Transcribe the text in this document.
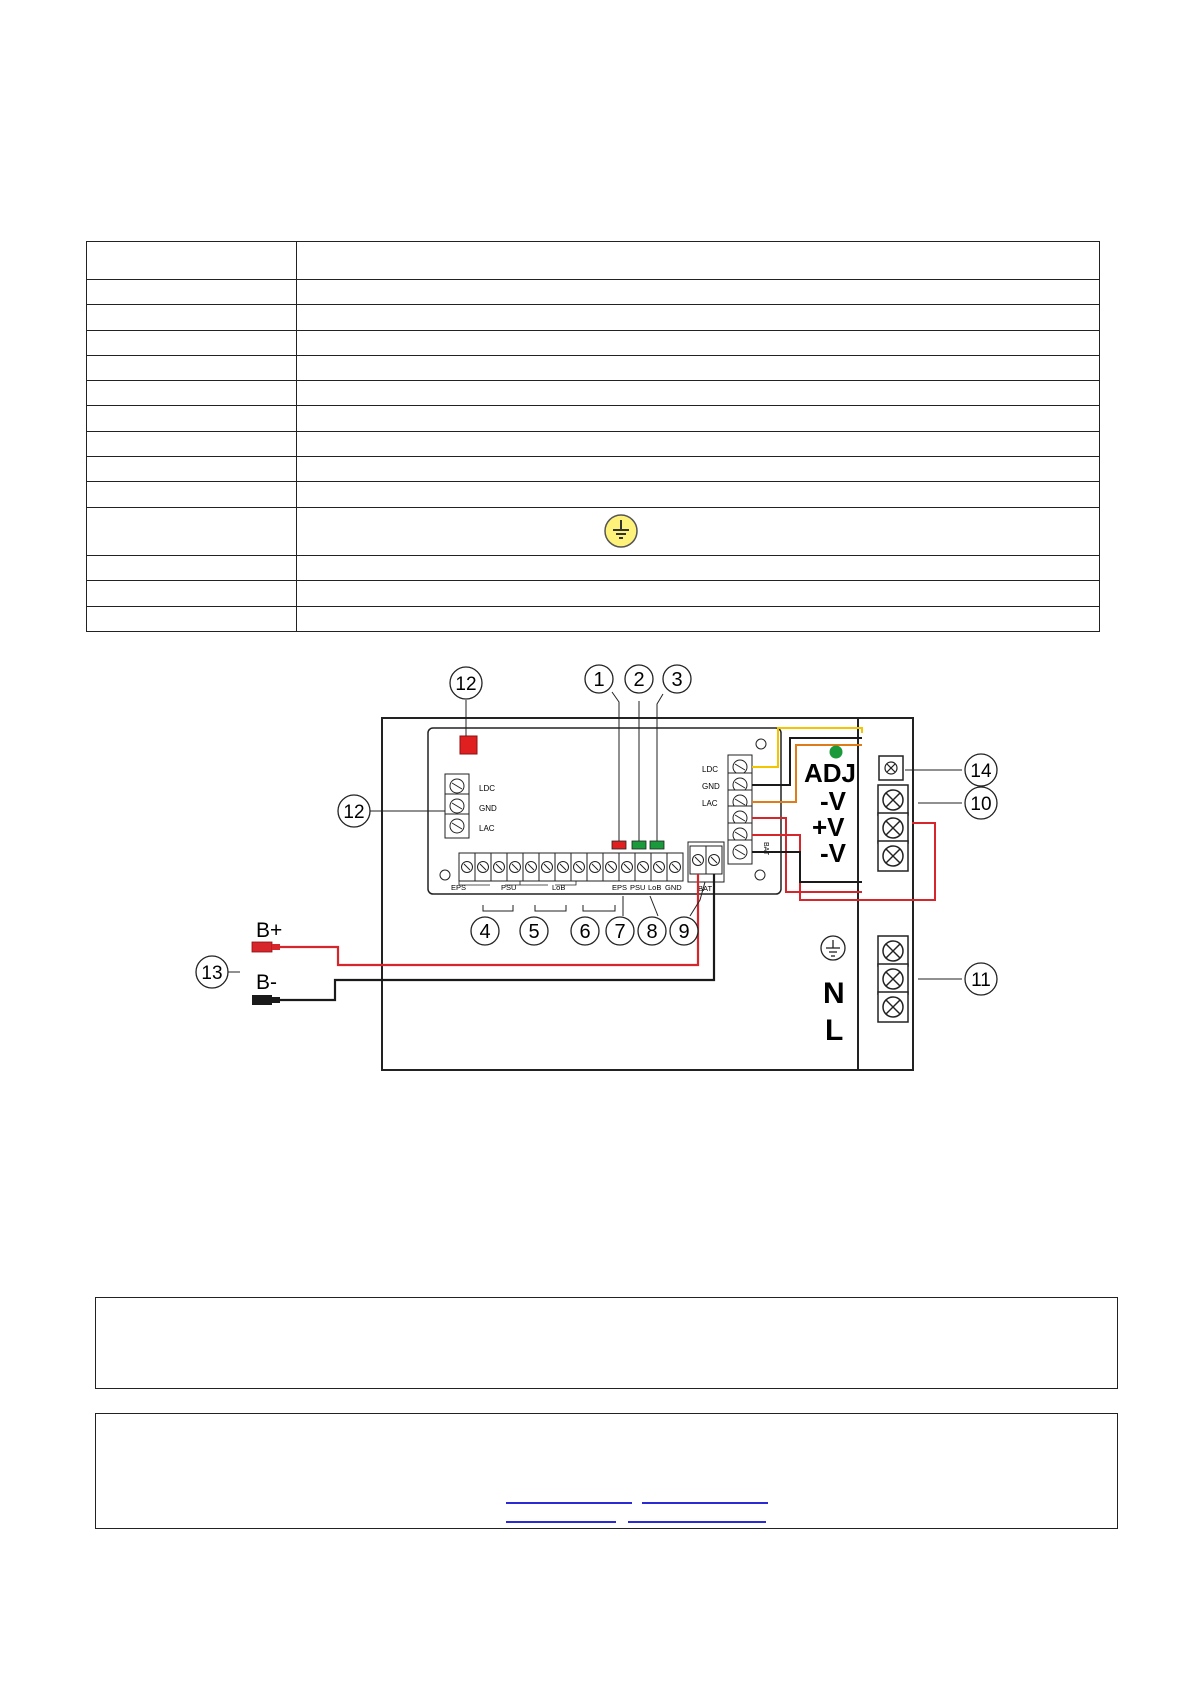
LDC
GND
LAC
EPS	PSU	LoB	EPS PSU LoB GND BAT
LDC
GND
LAC
BAT
B+
B-
ADJ
-V
+V
-V
N
L
1 2 3
4 5 6 7 8 9
10
11
12
12
13
14
